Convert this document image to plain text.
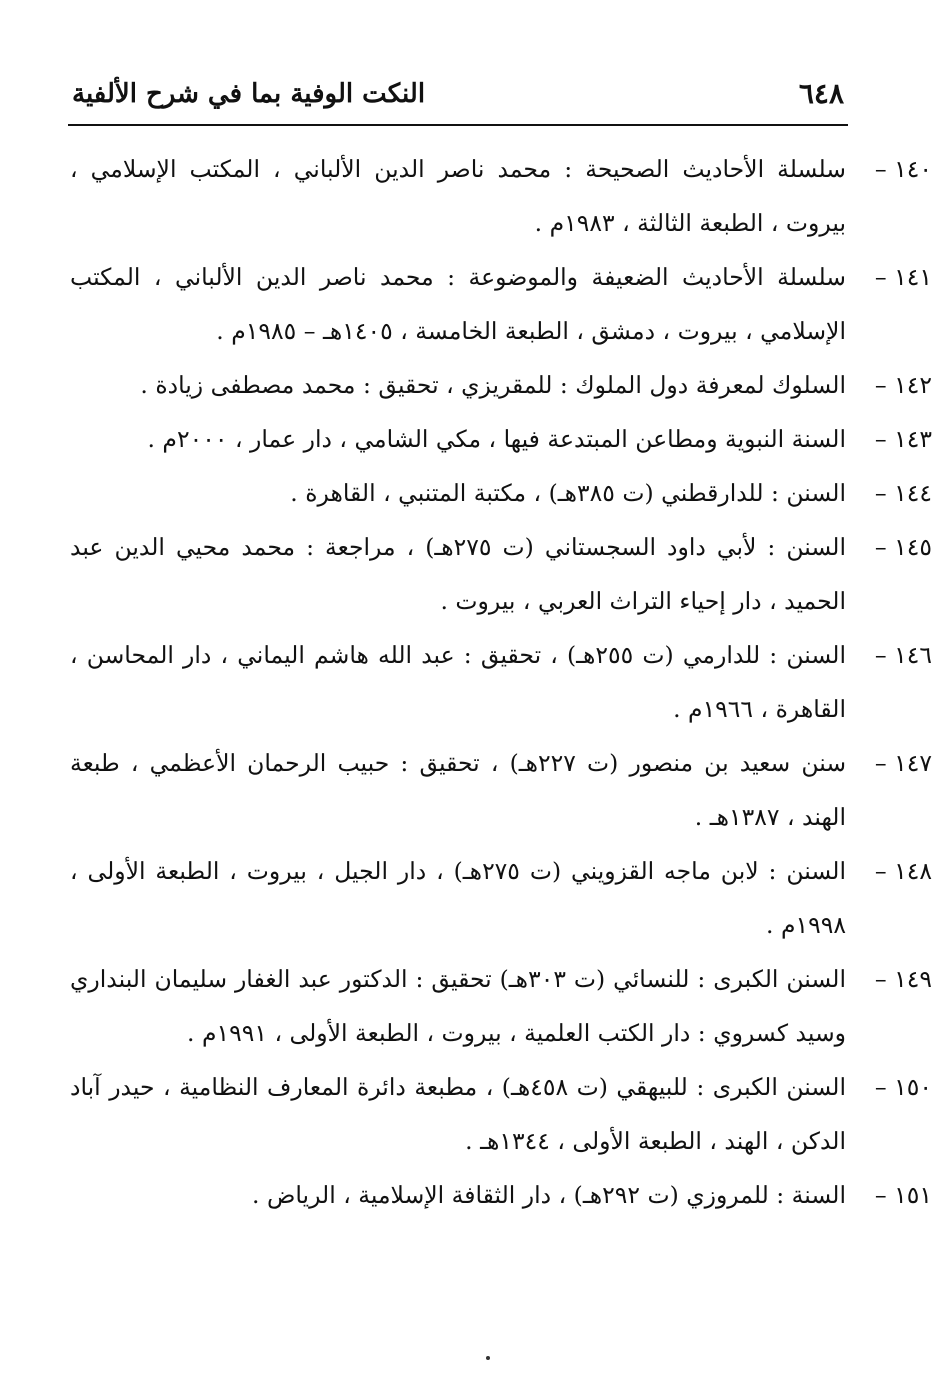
٦٤٨
النكت الوفية بما في شرح الألفية
١٤٠ –
سلسلة الأحاديث الصحيحة : محمد ناصر الدين الألباني ، المكتب الإسلامي ، بيروت ، الطبعة الثالثة ، ١٩٨٣م .
١٤١ –
سلسلة الأحاديث الضعيفة والموضوعة : محمد ناصر الدين الألباني ، المكتب الإسلامي ، بيروت ، دمشق ، الطبعة الخامسة ، ١٤٠٥هـ – ١٩٨٥م .
١٤٢ –
السلوك لمعرفة دول الملوك : للمقريزي ، تحقيق : محمد مصطفى زيادة .
١٤٣ –
السنة النبوية ومطاعن المبتدعة فيها ، مكي الشامي ، دار عمار ، ٢٠٠٠م .
١٤٤ –
السنن : للدارقطني (ت ٣٨٥هـ) ، مكتبة المتنبي ، القاهرة .
١٤٥ –
السنن : لأبي داود السجستاني (ت ٢٧٥هـ) ، مراجعة : محمد محيي الدين عبد الحميد ، دار إحياء التراث العربي ، بيروت .
١٤٦ –
السنن : للدارمي (ت ٢٥٥هـ) ، تحقيق : عبد الله هاشم اليماني ، دار المحاسن ، القاهرة ، ١٩٦٦م .
١٤٧ –
سنن سعيد بن منصور (ت ٢٢٧هـ) ، تحقيق : حبيب الرحمان الأعظمي ، طبعة الهند ، ١٣٨٧هـ .
١٤٨ –
السنن : لابن ماجه القزويني (ت ٢٧٥هـ) ، دار الجيل ، بيروت ، الطبعة الأولى ، ١٩٩٨م .
١٤٩ –
السنن الكبرى : للنسائي (ت ٣٠٣هـ) تحقيق : الدكتور عبد الغفار سليمان البنداري وسيد كسروي : دار الكتب العلمية ، بيروت ، الطبعة الأولى ، ١٩٩١م .
١٥٠ –
السنن الكبرى : للبيهقي (ت ٤٥٨هـ) ، مطبعة دائرة المعارف النظامية ، حيدر آباد الدكن ، الهند ، الطبعة الأولى ، ١٣٤٤هـ .
١٥١ –
السنة : للمروزي (ت ٢٩٢هـ) ، دار الثقافة الإسلامية ، الرياض .
